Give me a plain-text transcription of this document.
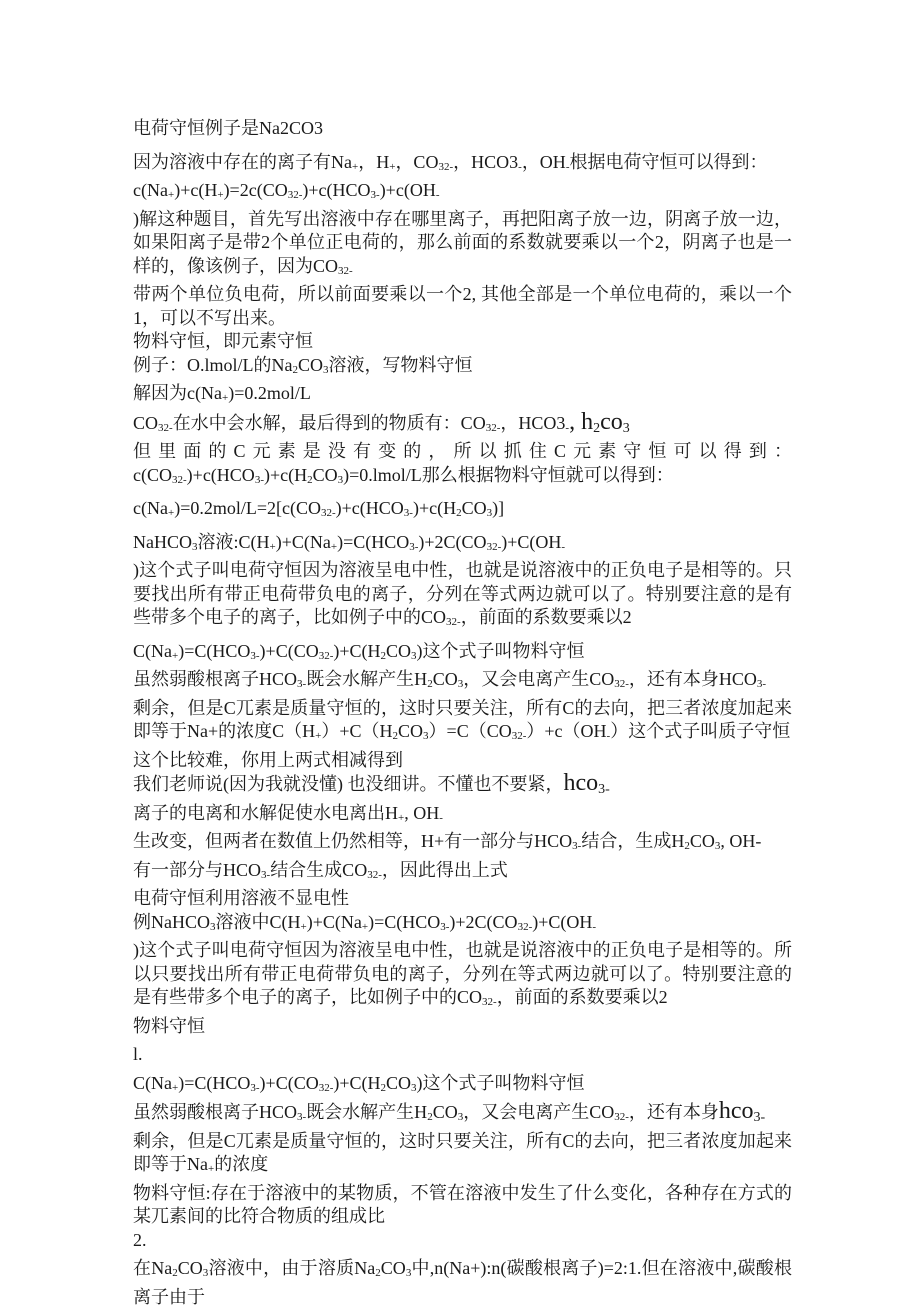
电荷守恒例子是Na2CO3

因为溶液中存在的离子有Na+，H+，CO32-，HCO3-，OH-根据电荷守恒可以得到：

c(Na+)+c(H+)=2c(CO32-)+c(HCO3-)+c(OH-

)解这种题目，首先写出溶液中存在哪里离子，再把阳离子放一边，阴离子放一边，如果阳离子是带2个单位正电荷的，那么前面的系数就要乘以一个2，阴离子也是一样的，像该例子，因为CO32-

带两个单位负电荷，所以前面要乘以一个2, 其他全部是一个单位电荷的，乘以一个1，可以不写出来。

物料守恒，即元素守恒

例子：O.lmol/L的Na2CO3溶液，写物料守恒

解因为c(Na+)=0.2mol/L

CO32-在水中会水解，最后得到的物质有：CO32-，HCO3-, h2co3

但里面的C元素是没有变的，所以抓住C元素守恒可以得到：c(CO32-)+c(HCO3-)+c(H2CO3)=0.lmol/L那么根据物料守恒就可以得到：

c(Na+)=0.2mol/L=2[c(CO32-)+c(HCO3-)+c(H2CO3)]

NaHCO3溶液:C(H+)+C(Na+)=C(HCO3-)+2C(CO32-)+C(OH-

)这个式子叫电荷守恒因为溶液呈电中性，也就是说溶液中的正负电子是相等的。只要找出所有带正电荷带负电的离子，分列在等式两边就可以了。特别要注意的是有些带多个电子的离子，比如例子中的CO32-，前面的系数要乘以2

C(Na+)=C(HCO3-)+C(CO32-)+C(H2CO3)这个式子叫物料守恒

虽然弱酸根离子HCO3-既会水解产生H2CO3，又会电离产生CO32-，还有本身HCO3-

剩余，但是C兀素是质量守恒的，这时只要关注，所有C的去向，把三者浓度加起来即等于Na+的浓度C（H+）+C（H2CO3）=C（CO32-）+c（OH-）这个式子叫质子守恒

这个比较难，你用上两式相减得到

我们老师说(因为我就没懂) 也没细讲。不懂也不要紧，hco3-

离子的电离和水解促使水电离出H+, OH-

生改变，但两者在数值上仍然相等，H+有一部分与HCO3-结合，生成H2CO3, OH-

有一部分与HCO3-结合生成CO32-，因此得出上式

电荷守恒利用溶液不显电性

例NaHCO3溶液中C(H+)+C(Na+)=C(HCO3-)+2C(CO32-)+C(OH-

)这个式子叫电荷守恒因为溶液呈电中性，也就是说溶液中的正负电子是相等的。所以只要找出所有带正电荷带负电的离子，分列在等式两边就可以了。特别要注意的是有些带多个电子的离子，比如例子中的CO32-，前面的系数要乘以2

物料守恒

l.

C(Na+)=C(HCO3-)+C(CO32-)+C(H2CO3)这个式子叫物料守恒

虽然弱酸根离子HCO3-既会水解产生H2CO3，又会电离产生CO32-，还有本身hco3-

剩余，但是C兀素是质量守恒的，这时只要关注，所有C的去向，把三者浓度加起来即等于Na+的浓度

物料守恒:存在于溶液中的某物质，不管在溶液中发生了什么变化，各种存在方式的某兀素间的比符合物质的组成比

2.

在Na2CO3溶液中，由于溶质Na2CO3中,n(Na+):n(碳酸根离子)=2:1.但在溶液中,碳酸根离子由于
